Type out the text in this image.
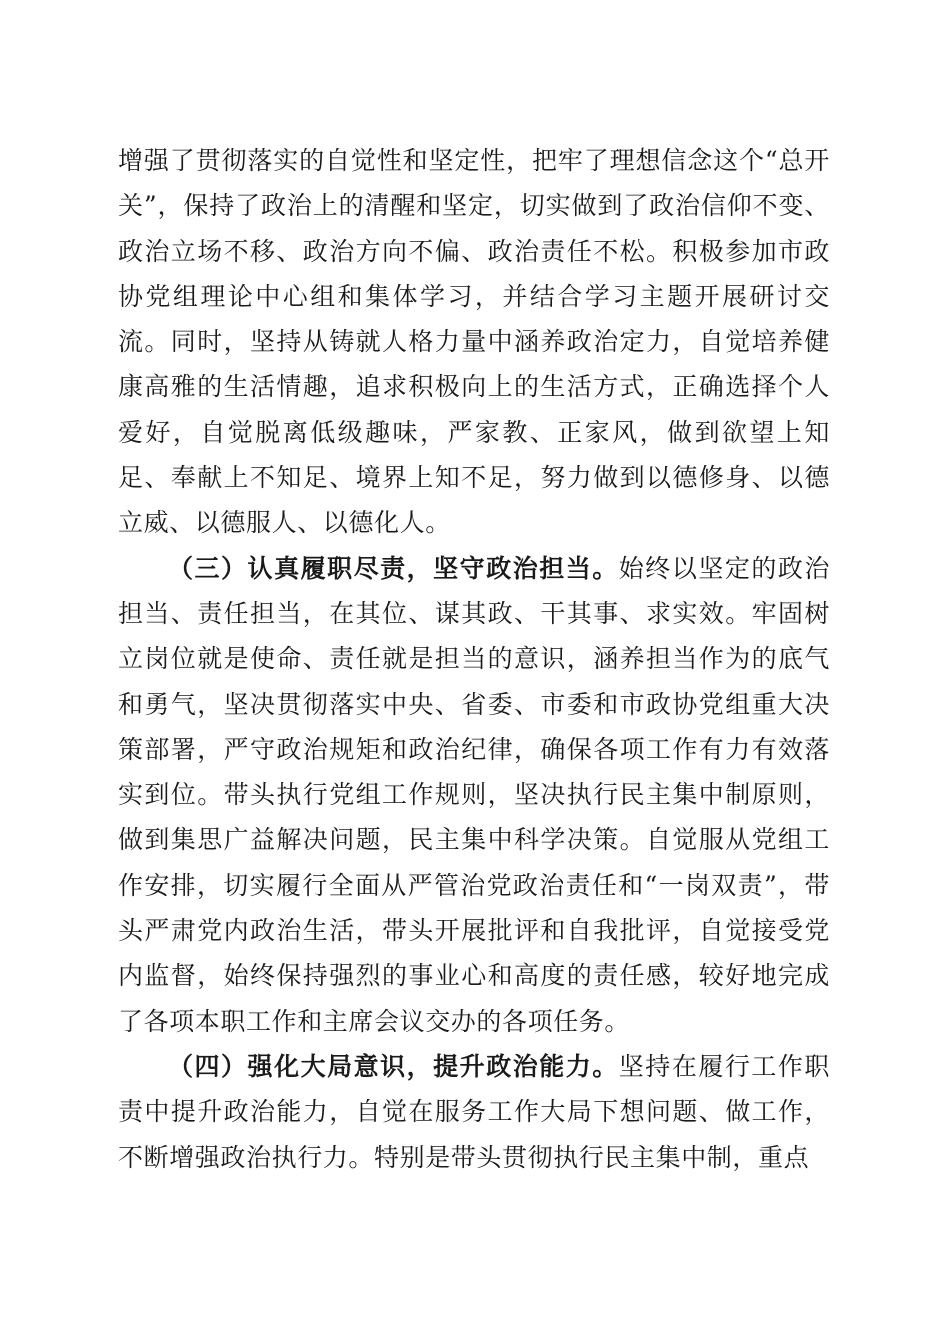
增强了贯彻落实的自觉性和坚定性，把牢了理想信念这个“总开关”，保持了政治上的清醒和坚定，切实做到了政治信仰不变、政治立场不移、政治方向不偏、政治责任不松。积极参加市政协党组理论中心组和集体学习，并结合学习主题开展研讨交流。同时，坚持从铸就人格力量中涵养政治定力，自觉培养健康高雅的生活情趣，追求积极向上的生活方式，正确选择个人爱好，自觉脱离低级趣味，严家教、正家风，做到欲望上知足、奉献上不知足、境界上知不足，努力做到以德修身、以德立威、以德服人、以德化人。

（三）认真履职尽责，坚守政治担当。始终以坚定的政治担当、责任担当，在其位、谋其政、干其事、求实效。牢固树立岗位就是使命、责任就是担当的意识，涵养担当作为的底气和勇气，坚决贯彻落实中央、省委、市委和市政协党组重大决策部署，严守政治规矩和政治纪律，确保各项工作有力有效落实到位。带头执行党组工作规则，坚决执行民主集中制原则，做到集思广益解决问题，民主集中科学决策。自觉服从党组工作安排，切实履行全面从严管治党政治责任和“一岗双责”，带头严肃党内政治生活，带头开展批评和自我批评，自觉接受党内监督，始终保持强烈的事业心和高度的责任感，较好地完成了各项本职工作和主席会议交办的各项任务。

（四）强化大局意识，提升政治能力。坚持在履行工作职责中提升政治能力，自觉在服务工作大局下想问题、做工作，不断增强政治执行力。特别是带头贯彻执行民主集中制，重点
